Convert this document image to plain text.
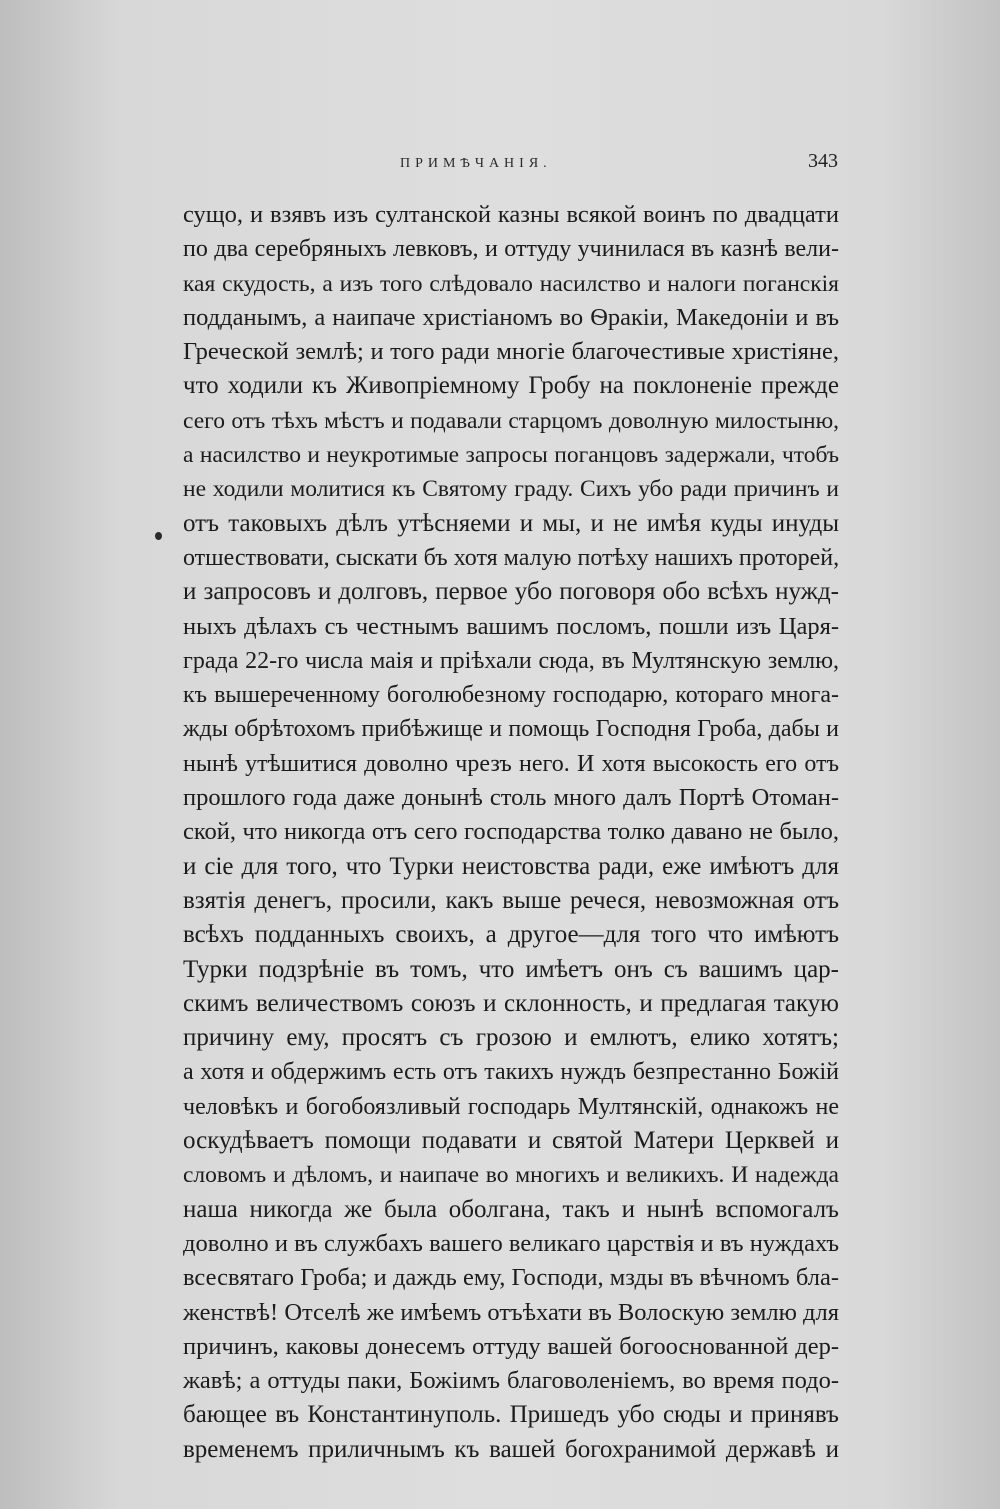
ПРИМѢЧАНІЯ.	343
сущо, и взявъ изъ султанской казны всякой воинъ по двадцати
по два серебряныхъ левковъ, и оттуду учинилася въ казнѣ вели-
кая скудость, а изъ того слѣдовало насилство и налоги поганскія
подданымъ, а наипаче христіаномъ во Ѳракіи, Македоніи и въ
Греческой землѣ; и того ради многіе благочестивые христіяне,
что ходили къ Живопріемному Гробу на поклоненіе прежде
сего отъ тѣхъ мѣстъ и подавали старцомъ доволную милостыню,
а насилство и неукротимые запросы поганцовъ задержали, чтобъ
не ходили молитися къ Святому граду. Сихъ убо ради причинъ и
отъ таковыхъ дѣлъ утѣсняеми и мы, и не имѣя куды инуды
отшествовати, сыскати бъ хотя малую потѣху нашихъ проторей,
и запросовъ и долговъ, первое убо поговоря обо всѣхъ нужд-
ныхъ дѣлахъ съ честнымъ вашимъ посломъ, пошли изъ Царя-
града 22-го числа маія и пріѣхали сюда, въ Мултянскую землю,
къ вышереченному боголюбезному господарю, котораго многа-
жды обрѣтохомъ прибѣжище и помощь Господня Гроба, дабы и
нынѣ утѣшитися доволно чрезъ него. И хотя высокость его отъ
прошлого года даже донынѣ столь много далъ Портѣ Отоман-
ской, что никогда отъ сего господарства толко давано не было,
и сіе для того, что Турки неистовства ради, еже имѣютъ для
взятія денегъ, просили, какъ выше речеся, невозможная отъ
всѣхъ подданныхъ своихъ, а другое—для того что имѣютъ
Турки подзрѣніе въ томъ, что имѣетъ онъ съ вашимъ цар-
скимъ величествомъ союзъ и склонность, и предлагая такую
причину ему, просятъ съ грозою и емлютъ, елико хотятъ;
а хотя и обдержимъ есть отъ такихъ нуждъ безпрестанно Божій
человѣкъ и богобоязливый господарь Мултянскій, однакожъ не
оскудѣваетъ помощи подавати и святой Матери Церквей и
словомъ и дѣломъ, и наипаче во многихъ и великихъ. И надежда
наша никогда же была оболгана, такъ и нынѣ вспомогалъ
доволно и въ службахъ вашего великаго царствія и въ нуждахъ
всесвятаго Гроба; и даждь ему, Господи, мзды въ вѣчномъ бла-
женствѣ! Отселѣ же имѣемъ отъѣхати въ Волоскую землю для
причинъ, каковы донесемъ оттуду вашей богооснованной дер-
жавѣ; а оттуды паки, Божіимъ благоволеніемъ, во время подо-
бающее въ Константинуполь. Пришедъ убо сюды и принявъ
временемъ приличнымъ къ вашей богохранимой державѣ и
